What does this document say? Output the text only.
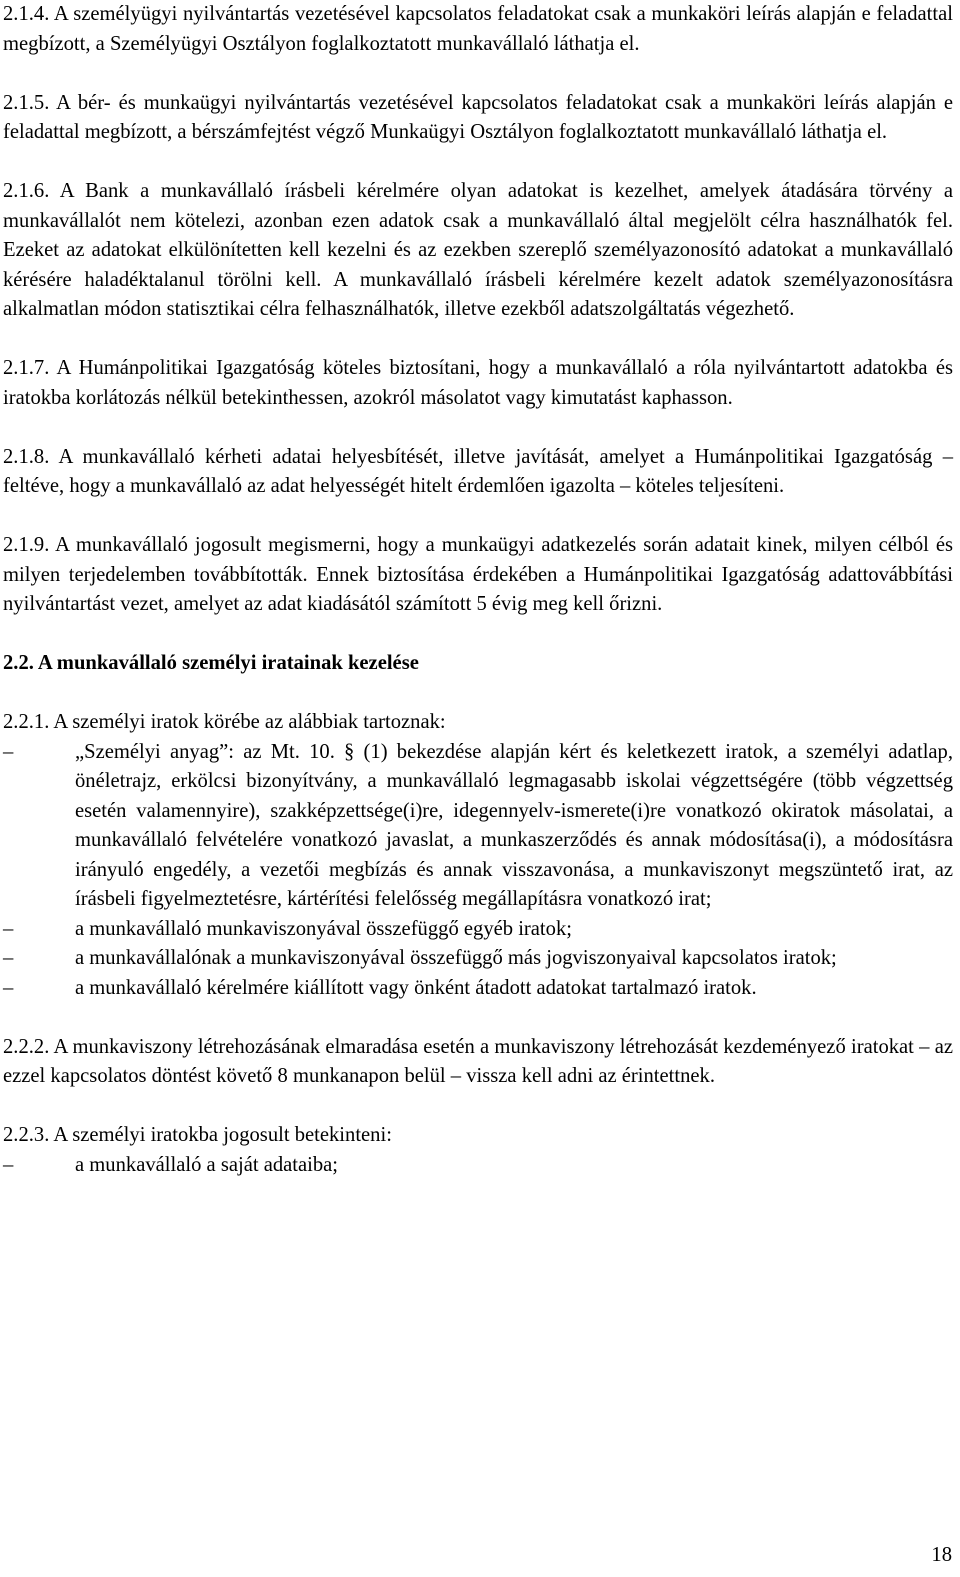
2.1.4. A személyügyi nyilvántartás vezetésével kapcsolatos feladatokat csak a munkaköri leírás alapján e feladattal megbízott, a Személyügyi Osztályon foglalkoztatott munkavállaló láthatja el.

2.1.5. A bér- és munkaügyi nyilvántartás vezetésével kapcsolatos feladatokat csak a munkaköri leírás alapján e feladattal megbízott, a bérszámfejtést végző Munkaügyi Osztályon foglalkoztatott munkavállaló láthatja el.

2.1.6. A Bank a munkavállaló írásbeli kérelmére olyan adatokat is kezelhet, amelyek átadására törvény a munkavállalót nem kötelezi, azonban ezen adatok csak a munkavállaló által megjelölt célra használhatók fel. Ezeket az adatokat elkülönítetten kell kezelni és az ezekben szereplő személyazonosító adatokat a munkavállaló kérésére haladéktalanul törölni kell. A munkavállaló írásbeli kérelmére kezelt adatok személyazonosításra alkalmatlan módon statisztikai célra felhasználhatók, illetve ezekből adatszolgáltatás végezhető.

2.1.7. A Humánpolitikai Igazgatóság köteles biztosítani, hogy a munkavállaló a róla nyilvántartott adatokba és iratokba korlátozás nélkül betekinthessen, azokról másolatot vagy kimutatást kaphasson.

2.1.8. A munkavállaló kérheti adatai helyesbítését, illetve javítását, amelyet a Humánpolitikai Igazgatóság – feltéve, hogy a munkavállaló az adat helyességét hitelt érdemlően igazolta – köteles teljesíteni.

2.1.9. A munkavállaló jogosult megismerni, hogy a munkaügyi adatkezelés során adatait kinek, milyen célból és milyen terjedelemben továbbították. Ennek biztosítása érdekében a Humánpolitikai Igazgatóság adattovábbítási nyilvántartást vezet, amelyet az adat kiadásától számított 5 évig meg kell őrizni.

2.2. A munkavállaló személyi iratainak kezelése

2.2.1. A személyi iratok körébe az alábbiak tartoznak:

–	„Személyi anyag”: az Mt. 10. § (1) bekezdése alapján kért és keletkezett iratok, a személyi adatlap, önéletrajz, erkölcsi bizonyítvány, a munkavállaló legmagasabb iskolai végzettségére (több végzettség esetén valamennyire), szakképzettsége(i)re, idegennyelv-ismerete(i)re vonatkozó okiratok másolatai, a munkavállaló felvételére vonatkozó javaslat, a munkaszerződés és annak módosítása(i), a módosításra irányuló engedély, a vezetői megbízás és annak visszavonása, a munkaviszonyt megszüntető irat, az írásbeli figyelmeztetésre, kártérítési felelősség megállapításra vonatkozó irat;
–	a munkavállaló munkaviszonyával összefüggő egyéb iratok;
–	a munkavállalónak a munkaviszonyával összefüggő más jogviszonyaival kapcsolatos iratok;
–	a munkavállaló kérelmére kiállított vagy önként átadott adatokat tartalmazó iratok.

2.2.2. A munkaviszony létrehozásának elmaradása esetén a munkaviszony létrehozását kezdeményező iratokat – az ezzel kapcsolatos döntést követő 8 munkanapon belül – vissza kell adni az érintettnek.

2.2.3. A személyi iratokba jogosult betekinteni:

–	a munkavállaló a saját adataiba;
18
